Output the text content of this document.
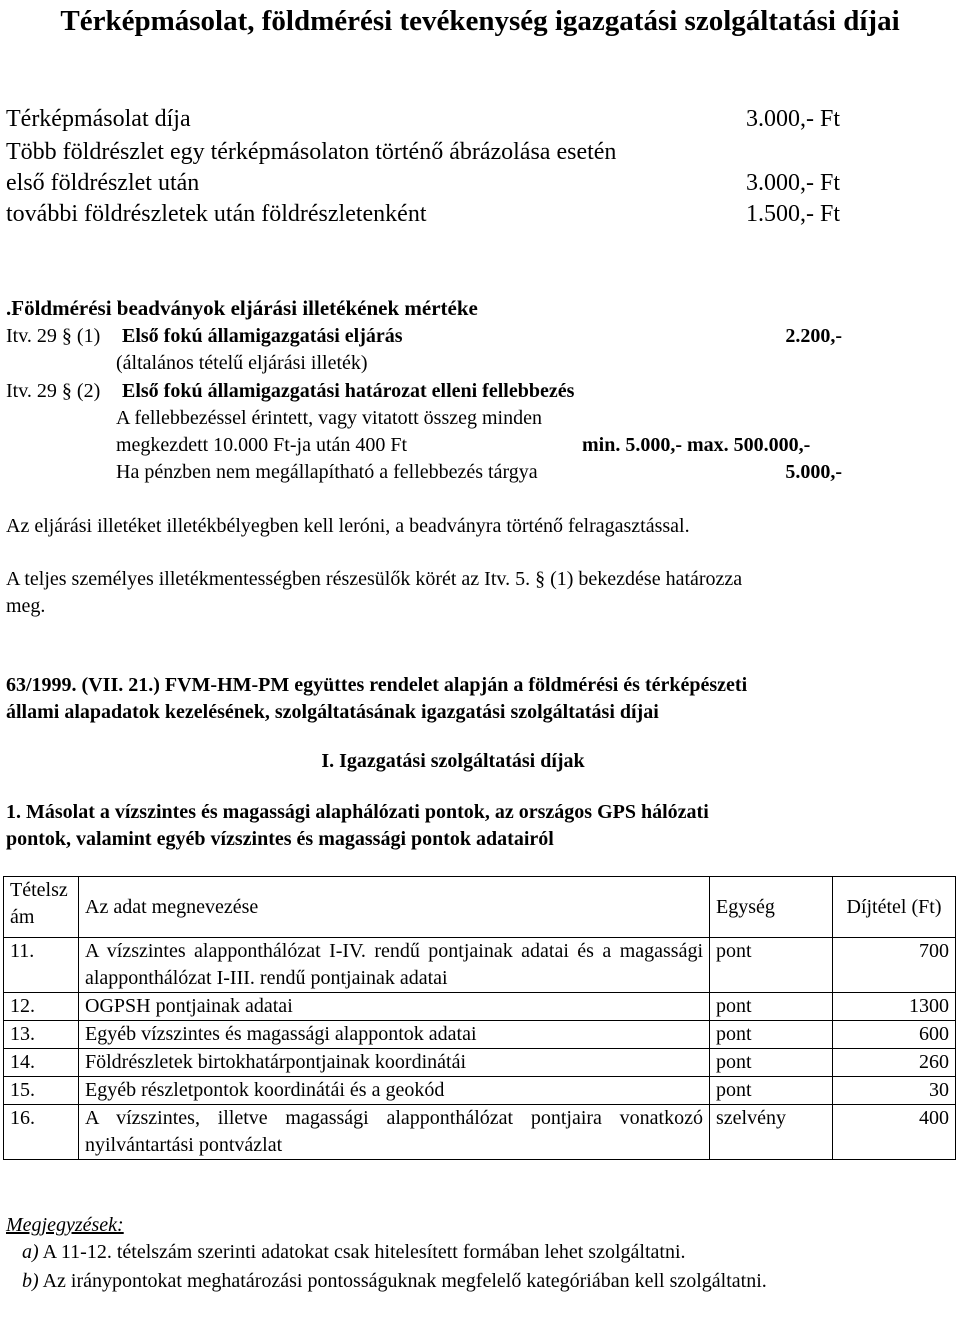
Térképmásolat, földmérési tevékenység igazgatási szolgáltatási díjai
Térképmásolat díja	3.000,- Ft
Több földrészlet egy térképmásolaton történő ábrázolása esetén
első földrészlet után	3.000,- Ft
további földrészletek után földrészletenként	1.500,- Ft
.Földmérési beadványok eljárási illetékének mértéke
Itv. 29 § (1) Első fokú államigazgatási eljárás	2.200,-
(általános tételű eljárási illeték)
Itv. 29 § (2) Első fokú államigazgatási határozat elleni fellebbezés
A fellebbezéssel érintett, vagy vitatott összeg minden
megkezdett 10.000 Ft-ja után 400 Ft	min. 5.000,- max. 500.000,-
Ha pénzben nem megállapítható a fellebbezés tárgya	5.000,-
Az eljárási illetéket illetékbélyegben kell leróni, a beadványra történő felragasztással.
A teljes személyes illetékmentességben részesülők körét az Itv. 5. § (1) bekezdése határozza
meg.
63/1999. (VII. 21.) FVM-HM-PM együttes rendelet alapján a földmérési és térképészeti
állami alapadatok kezelésének, szolgáltatásának igazgatási szolgáltatási díjai
I. Igazgatási szolgáltatási díjak
1. Másolat a vízszintes és magassági alaphálózati pontok, az országos GPS hálózati
pontok, valamint egyéb vízszintes és magassági pontok adatairól
Tételszám	Az adat megnevezése	Egység	Díjtétel (Ft)
11.	A vízszintes alapponthálózat I-IV. rendű pontjainak adatai és a magassági alapponthálózat I-III. rendű pontjainak adatai	pont	700
12.	OGPSH pontjainak adatai	pont	1300
13.	Egyéb vízszintes és magassági alappontok adatai	pont	600
14.	Földrészletek birtokhatárpontjainak koordinátái	pont	260
15.	Egyéb részletpontok koordinátái és a geokód	pont	30
16.	A vízszintes, illetve magassági alapponthálózat pontjaira vonatkozó nyilvántartási pontvázlat	szelvény	400
Megjegyzések:
a) A 11-12. tételszám szerinti adatokat csak hitelesített formában lehet szolgáltatni.
b) Az iránypontokat meghatározási pontosságuknak megfelelő kategóriában kell szolgáltatni.
